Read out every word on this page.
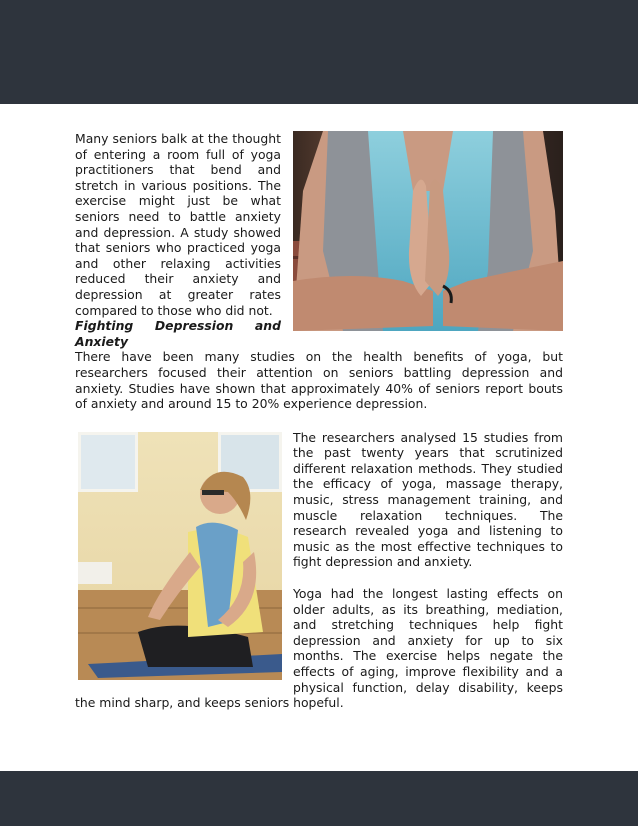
Many seniors balk at the thought of entering a room full of yoga practitioners that bend and stretch in various positions. The exercise might just be what seniors need to battle anxiety and depression. A study showed that seniors who practiced yoga and other relaxing activities reduced their anxiety and depression at greater rates compared to those who did not.

Fighting Depression and Anxiety

There have been many studies on the health benefits of yoga, but researchers focused their attention on seniors battling depression and anxiety. Studies have shown that approximately 40% of seniors report bouts of anxiety and around 15 to 20% experience depression.

The researchers analysed 15 studies from the past twenty years that scrutinized different relaxation methods. They studied the efficacy of yoga, massage therapy, music, stress management training, and muscle relaxation techniques. The research revealed yoga and listening to music as the most effective techniques to fight depression and anxiety.

Yoga had the longest lasting effects on older adults, as its breathing, mediation, and stretching techniques help fight depression and anxiety for up to six months. The exercise helps negate the effects of aging, improve flexibility and a physical function, delay disability, keeps the mind sharp, and keeps seniors hopeful.
